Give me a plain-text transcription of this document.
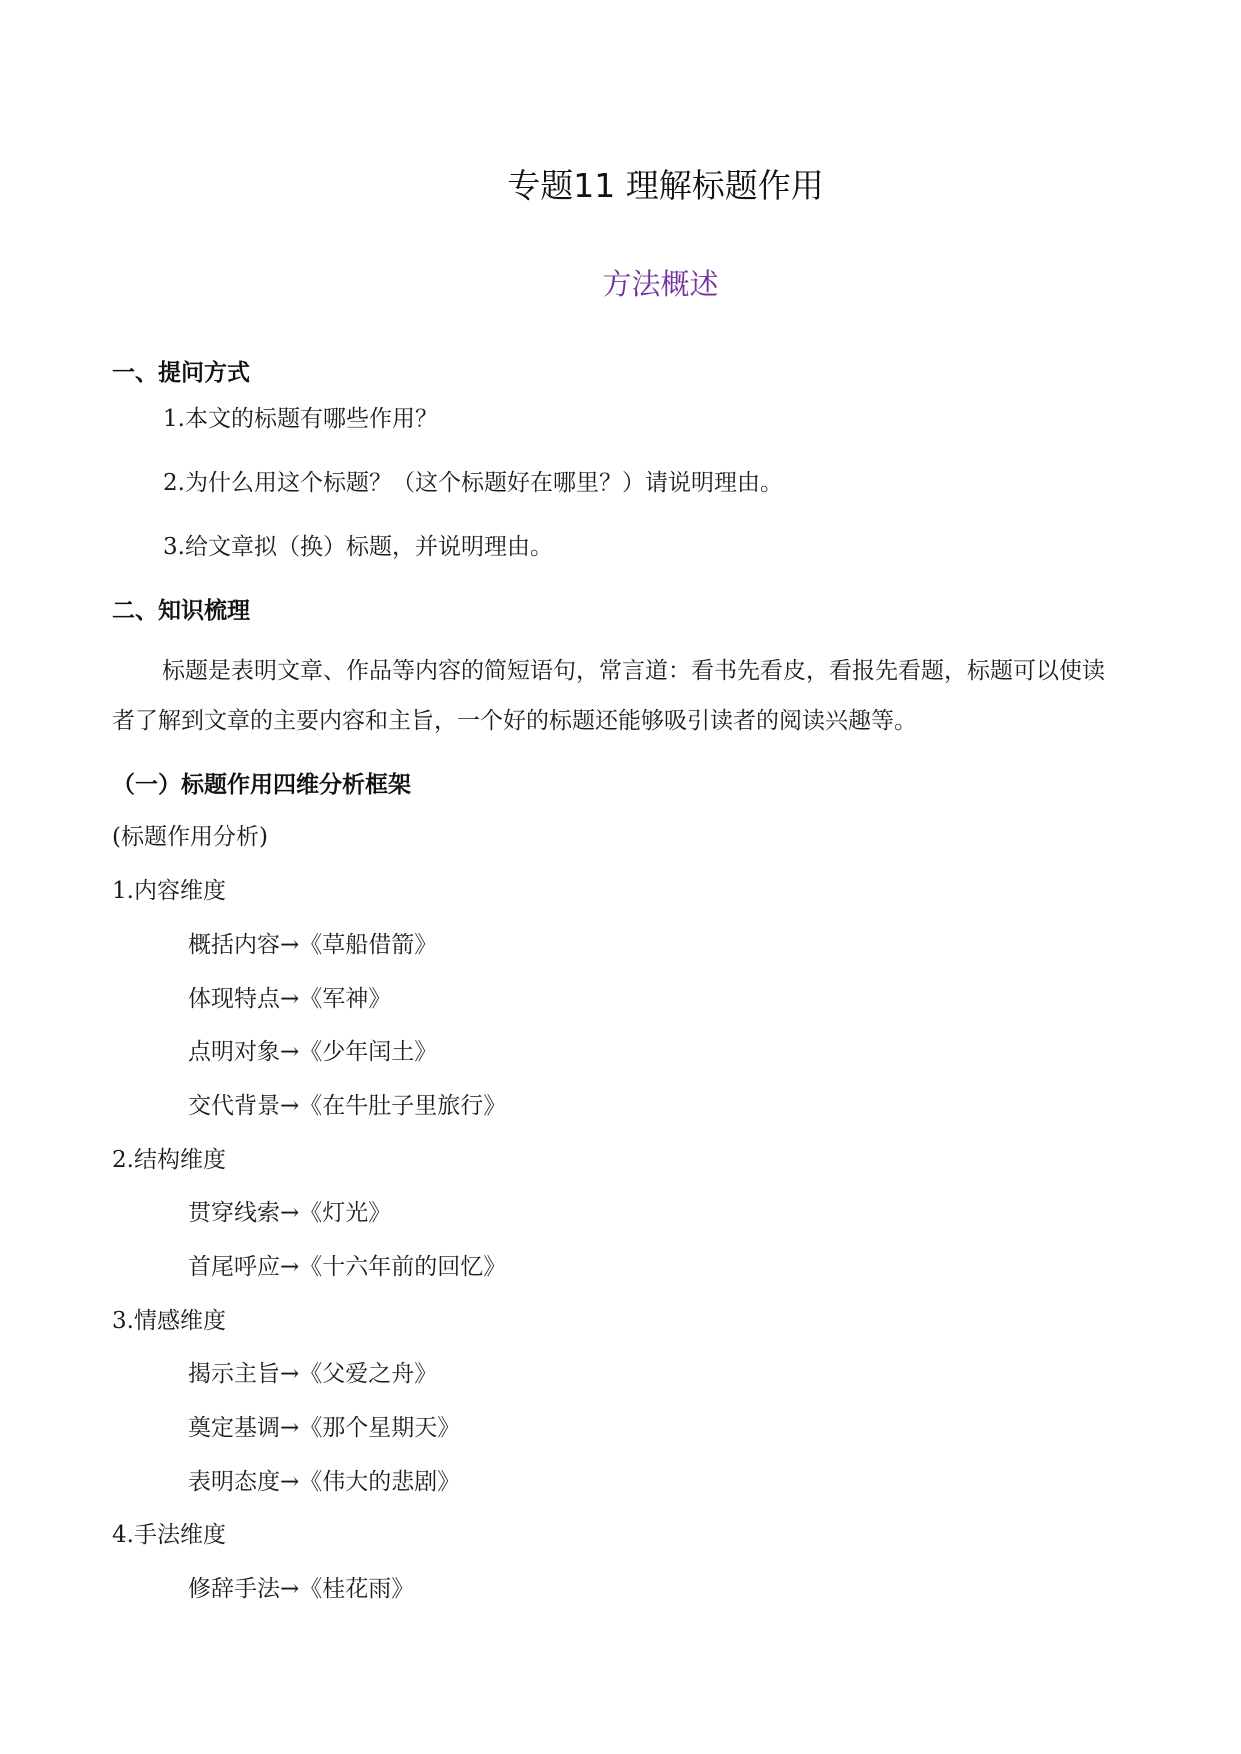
专题11 理解标题作用
方法概述
一、提问方式
1.本文的标题有哪些作用？
2.为什么用这个标题？（这个标题好在哪里？）请说明理由。
3.给文章拟（换）标题，并说明理由。
二、知识梳理
标题是表明文章、作品等内容的简短语句，常言道：看书先看皮，看报先看题，标题可以使读者了解到文章的主要内容和主旨，一个好的标题还能够吸引读者的阅读兴趣等。
（一）标题作用四维分析框架
(标题作用分析)
1.内容维度
概括内容→《草船借箭》
体现特点→《军神》
点明对象→《少年闰土》
交代背景→《在牛肚子里旅行》
2.结构维度
贯穿线索→《灯光》
首尾呼应→《十六年前的回忆》
3.情感维度
揭示主旨→《父爱之舟》
奠定基调→《那个星期天》
表明态度→《伟大的悲剧》
4.手法维度
修辞手法→《桂花雨》
